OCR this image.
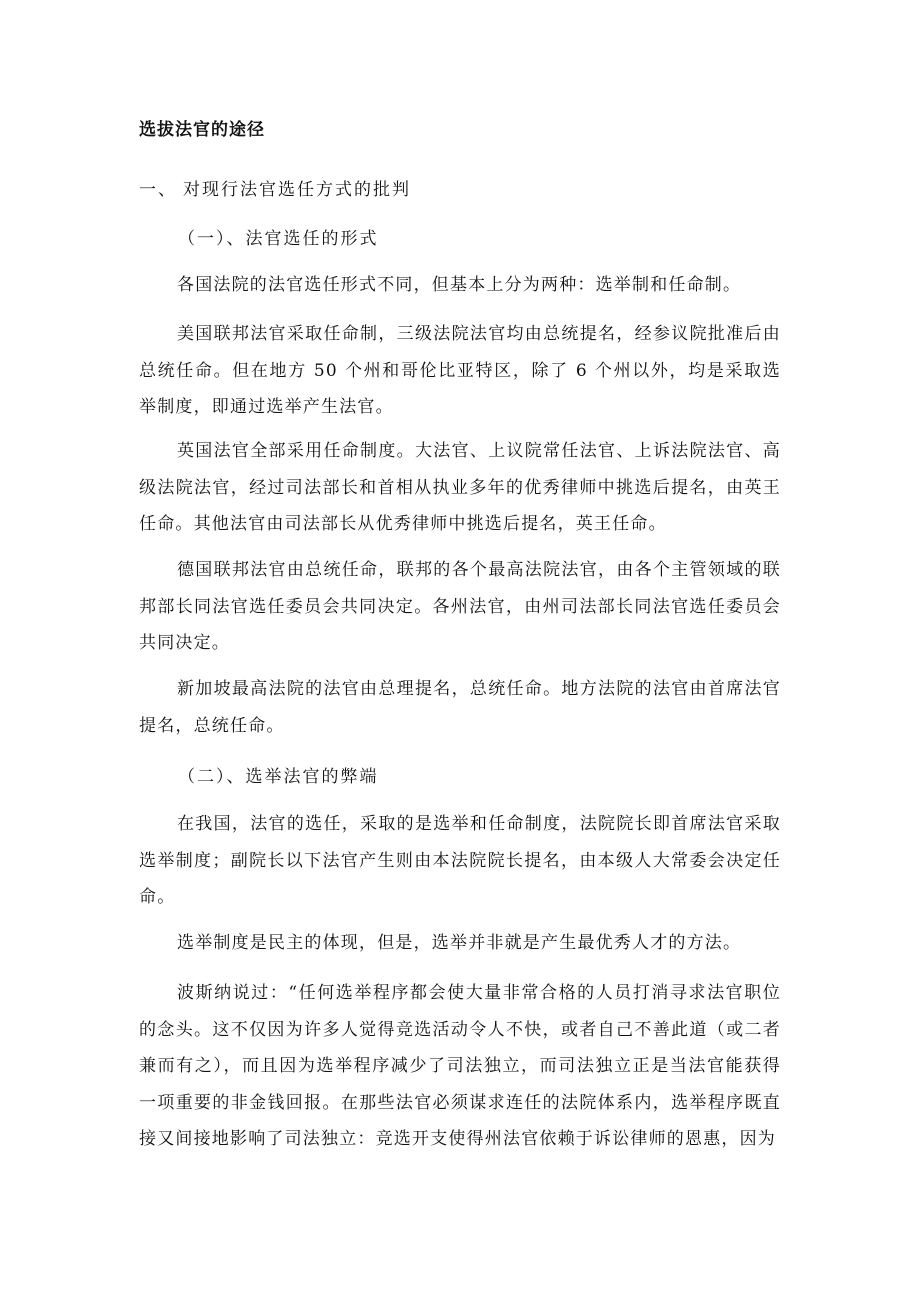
选拔法官的途径

一、 对现行法官选任方式的批判

（一）、法官选任的形式

各国法院的法官选任形式不同，但基本上分为两种：选举制和任命制。

美国联邦法官采取任命制，三级法院法官均由总统提名，经参议院批准后由总统任命。但在地方 50 个州和哥伦比亚特区，除了 6 个州以外，均是采取选举制度，即通过选举产生法官。

英国法官全部采用任命制度。大法官、上议院常任法官、上诉法院法官、高级法院法官，经过司法部长和首相从执业多年的优秀律师中挑选后提名，由英王任命。其他法官由司法部长从优秀律师中挑选后提名，英王任命。

德国联邦法官由总统任命，联邦的各个最高法院法官，由各个主管领域的联邦部长同法官选任委员会共同决定。各州法官，由州司法部长同法官选任委员会共同决定。

新加坡最高法院的法官由总理提名，总统任命。地方法院的法官由首席法官提名，总统任命。

（二）、选举法官的弊端

在我国，法官的选任，采取的是选举和任命制度，法院院长即首席法官采取选举制度；副院长以下法官产生则由本法院院长提名，由本级人大常委会决定任命。

选举制度是民主的体现，但是，选举并非就是产生最优秀人才的方法。

波斯纳说过：“任何选举程序都会使大量非常合格的人员打消寻求法官职位的念头。这不仅因为许多人觉得竞选活动令人不快，或者自己不善此道（或二者兼而有之），而且因为选举程序减少了司法独立，而司法独立正是当法官能获得一项重要的非金钱回报。在那些法官必须谋求连任的法院体系内，选举程序既直接又间接地影响了司法独立：竞选开支使得州法官依赖于诉讼律师的恩惠，因为
